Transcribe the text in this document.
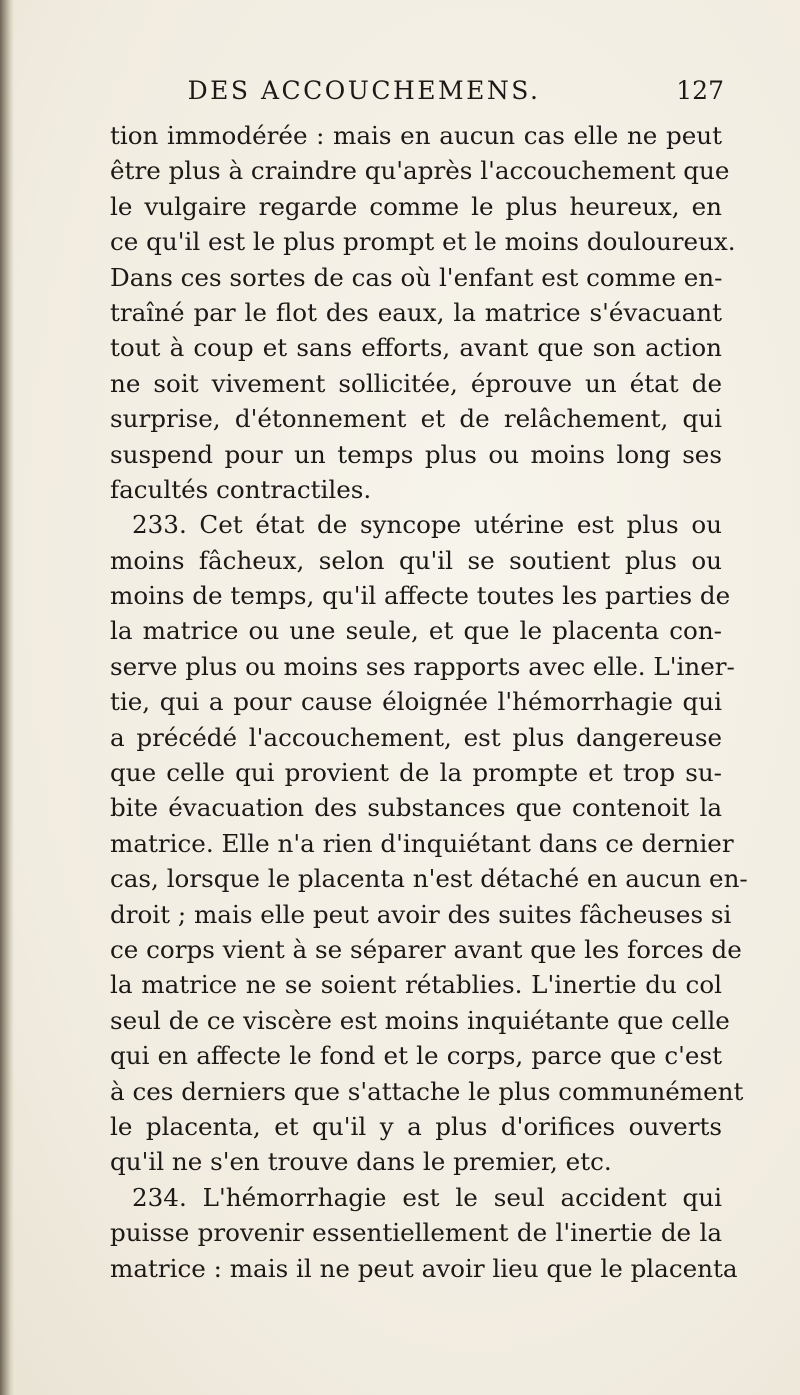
DES ACCOUCHEMENS.	127
tion immodérée : mais en aucun cas elle ne peut
être plus à craindre qu'après l'accouchement que
le vulgaire regarde comme le plus heureux, en
ce qu'il est le plus prompt et le moins douloureux.
Dans ces sortes de cas où l'enfant est comme en-
traîné par le flot des eaux, la matrice s'évacuant
tout à coup et sans efforts, avant que son action
ne soit vivement sollicitée, éprouve un état de
surprise, d'étonnement et de relâchement, qui
suspend pour un temps plus ou moins long ses
facultés contractiles.
233. Cet état de syncope utérine est plus ou
moins fâcheux, selon qu'il se soutient plus ou
moins de temps, qu'il affecte toutes les parties de
la matrice ou une seule, et que le placenta con-
serve plus ou moins ses rapports avec elle. L'iner-
tie, qui a pour cause éloignée l'hémorrhagie qui
a précédé l'accouchement, est plus dangereuse
que celle qui provient de la prompte et trop su-
bite évacuation des substances que contenoit la
matrice. Elle n'a rien d'inquiétant dans ce dernier
cas, lorsque le placenta n'est détaché en aucun en-
droit ; mais elle peut avoir des suites fâcheuses si
ce corps vient à se séparer avant que les forces de
la matrice ne se soient rétablies. L'inertie du col
seul de ce viscère est moins inquiétante que celle
qui en affecte le fond et le corps, parce que c'est
à ces derniers que s'attache le plus communément
le placenta, et qu'il y a plus d'orifices ouverts
qu'il ne s'en trouve dans le premier, etc.
234. L'hémorrhagie est le seul accident qui
puisse provenir essentiellement de l'inertie de la
matrice : mais il ne peut avoir lieu que le placenta
